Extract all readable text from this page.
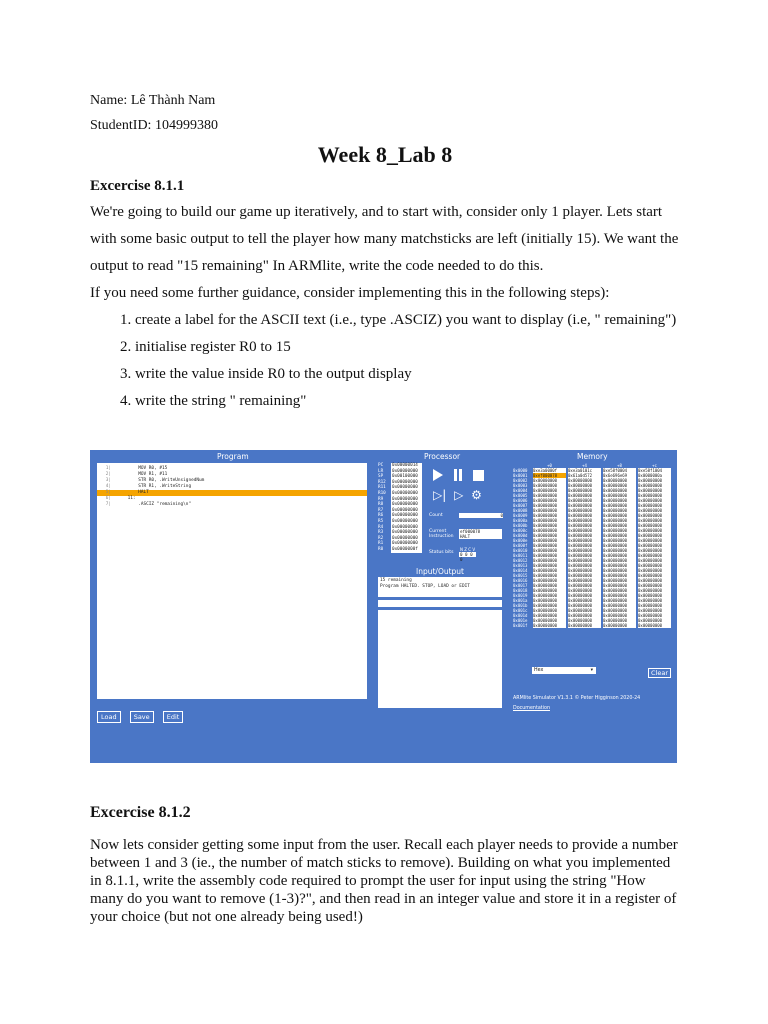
Name: Lê Thành Nam
StudentID: 104999380
Week 8_Lab 8
Excercise 8.1.1

We're going to build our game up iteratively, and to start with, consider only 1 player. Lets start with some basic output to tell the player how many matchsticks are left (initially 15). We want the output to read "15 remaining" In ARMlite, write the code needed to do this.

If you need some further guidance, consider implementing this in the following steps):

1. create a label for the ASCII text (i.e., type .ASCIZ) you want to display (i.e, " remaining")
2. initialise register R0 to 15
3. write the value inside R0 to the output display
4. write the string " remaining"
Program	Processor	Memory
1|	MOV R0, #15
2|	MOV R1, #11
3|	STR R0, .WriteUnsignedNum
4|	STR R1, .WriteString
5|	HALT
6|	11:
7|	.ASCIZ "remaining\n"
Load	Save	Edit
PC 0x00000014
LR 0x00000000
SP 0x00100000
R12 0x00000000
R11 0x00000000
R10 0x00000000
R9 0x00000000
R8 0x00000000
R7 0x00000000
R6 0x00000000
R5 0x00000000
R4 0x00000000
R3 0x00000000
R2 0x00000000
R1 0x00000000
R0 0x0000000f

▷| ▷ ⚙
Count	0
Current Instruction
ef000078
HALT
Status bits
N Z C V
0 0 0 0
Input/Output
15 remaining
Program HALTED. STOP, LOAD or EDIT
+0	+4	+8	+c
0x0000 0xe3a0000f	0xe3a0101c	0xe58f0004	0xe58f1004
0x0001 0xef000078	0x61a0d572	0x6e696e69	0x0000000a
0x0002 0x00000000	0x00000000	0x00000000	0x00000000
0x0003 0x00000000	0x00000000	0x00000000	0x00000000
0x0004 0x00000000	0x00000000	0x00000000	0x00000000
0x0005 0x00000000	0x00000000	0x00000000	0x00000000
0x0006 0x00000000	0x00000000	0x00000000	0x00000000
0x0007 0x00000000	0x00000000	0x00000000	0x00000000
0x0008 0x00000000	0x00000000	0x00000000	0x00000000
0x0009 0x00000000	0x00000000	0x00000000	0x00000000
0x000a 0x00000000	0x00000000	0x00000000	0x00000000
0x000b 0x00000000	0x00000000	0x00000000	0x00000000
0x000c 0x00000000	0x00000000	0x00000000	0x00000000
0x000d 0x00000000	0x00000000	0x00000000	0x00000000
0x000e 0x00000000	0x00000000	0x00000000	0x00000000
0x000f 0x00000000	0x00000000	0x00000000	0x00000000
0x0010 0x00000000	0x00000000	0x00000000	0x00000000
0x0011 0x00000000	0x00000000	0x00000000	0x00000000
0x0012 0x00000000	0x00000000	0x00000000	0x00000000
0x0013 0x00000000	0x00000000	0x00000000	0x00000000
0x0014 0x00000000	0x00000000	0x00000000	0x00000000
0x0015 0x00000000	0x00000000	0x00000000	0x00000000
0x0016 0x00000000	0x00000000	0x00000000	0x00000000
0x0017 0x00000000	0x00000000	0x00000000	0x00000000
0x0018 0x00000000	0x00000000	0x00000000	0x00000000
0x0019 0x00000000	0x00000000	0x00000000	0x00000000
0x001a 0x00000000	0x00000000	0x00000000	0x00000000
0x001b 0x00000000	0x00000000	0x00000000	0x00000000
0x001c 0x00000000	0x00000000	0x00000000	0x00000000
0x001d 0x00000000	0x00000000	0x00000000	0x00000000
0x001e 0x00000000	0x00000000	0x00000000	0x00000000
0x001f 0x00000000	0x00000000	0x00000000	0x00000000
Hex	▾	Clear
ARMlite Simulator V1.3.1 © Peter Higginson 2020-24
Documentation

Excercise 8.1.2

Now lets consider getting some input from the user. Recall each player needs to provide a number between 1 and 3 (ie., the number of match sticks to remove). Building on what you implemented in 8.1.1, write the assembly code required to prompt the user for input using the string "How many do you want to remove (1-3)?", and then read in an integer value and store it in a register of your choice (but not one already being used!)
